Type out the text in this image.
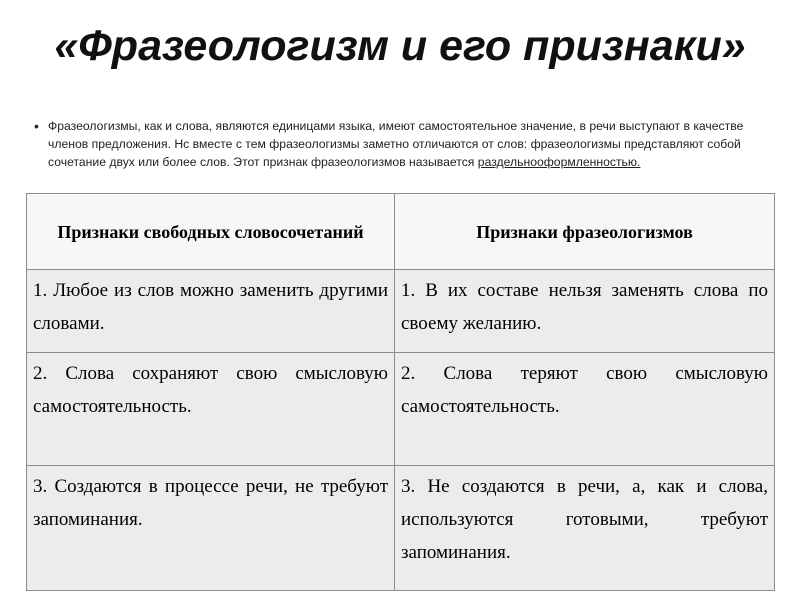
«Фразеологизм и его признаки»
• Фразеологизмы, как и слова, являются единицами языка, имеют самостоятельное значение, в речи выступают в качестве членов предложения. Нс вместе с тем фразеологизмы заметно отличаются от слов: фразеологизмы представляют собой сочетание двух или более слов. Этот признак фразеологизмов называется раздельнооформленностью.
Признаки свободных словосочетаний	Признаки фразеологизмов
1. Любое из слов можно заменить другими словами.	1. В их составе нельзя заменять слова по своему желанию.
2. Слова сохраняют свою смысловую самостоятельность.	2. Слова теряют свою смысловую самостоятельность.
3. Создаются в процессе речи, не требуют запоминания.	3. Не создаются в речи, а, как и слова, используются готовыми, требуют запоминания.
